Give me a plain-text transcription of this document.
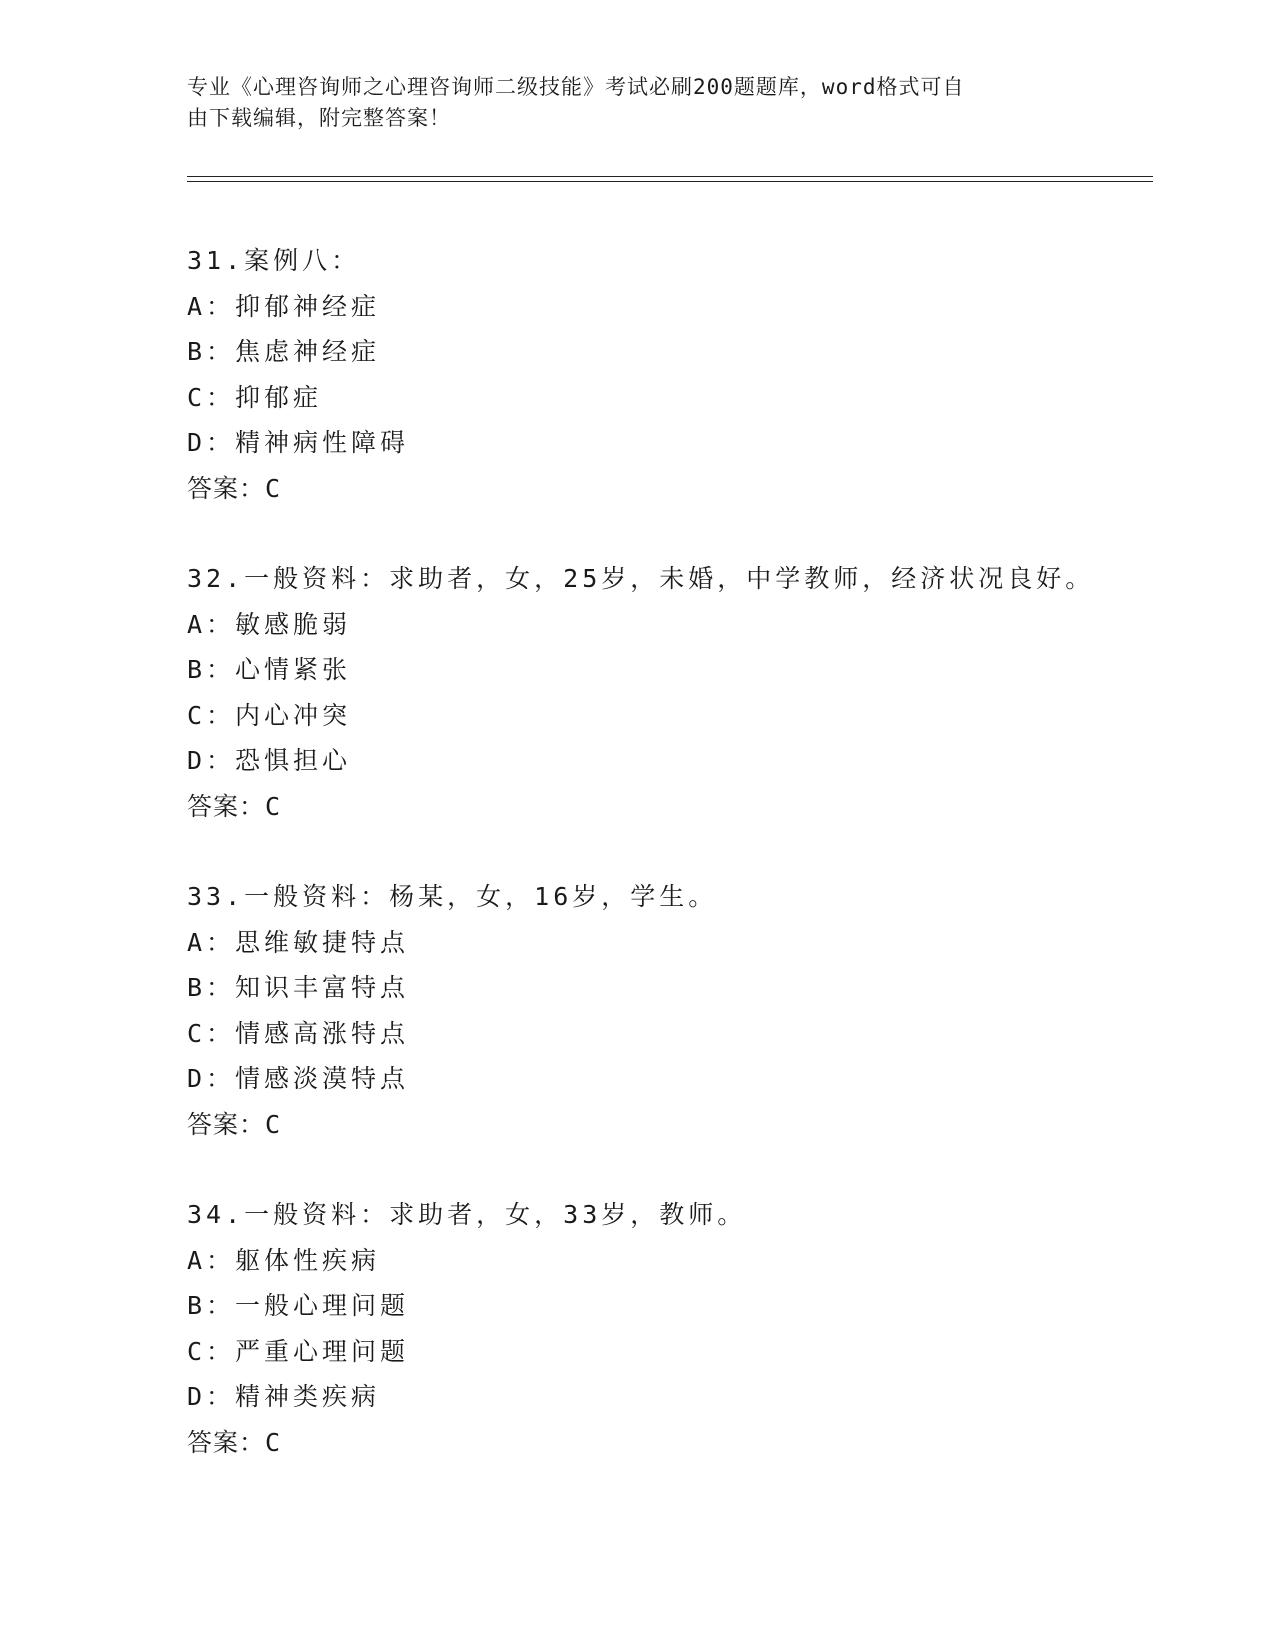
专业《心理咨询师之心理咨询师二级技能》考试必刷200题题库，word格式可自
由下载编辑，附完整答案！
31.案例八：
A：抑郁神经症
B：焦虑神经症
C：抑郁症
D：精神病性障碍
答案：C
32.一般资料：求助者，女，25岁，未婚，中学教师，经济状况良好。
A：敏感脆弱
B：心情紧张
C：内心冲突
D：恐惧担心
答案：C
33.一般资料：杨某，女，16岁，学生。
A：思维敏捷特点
B：知识丰富特点
C：情感高涨特点
D：情感淡漠特点
答案：C
34.一般资料：求助者，女，33岁，教师。
A：躯体性疾病
B：一般心理问题
C：严重心理问题
D：精神类疾病
答案：C
